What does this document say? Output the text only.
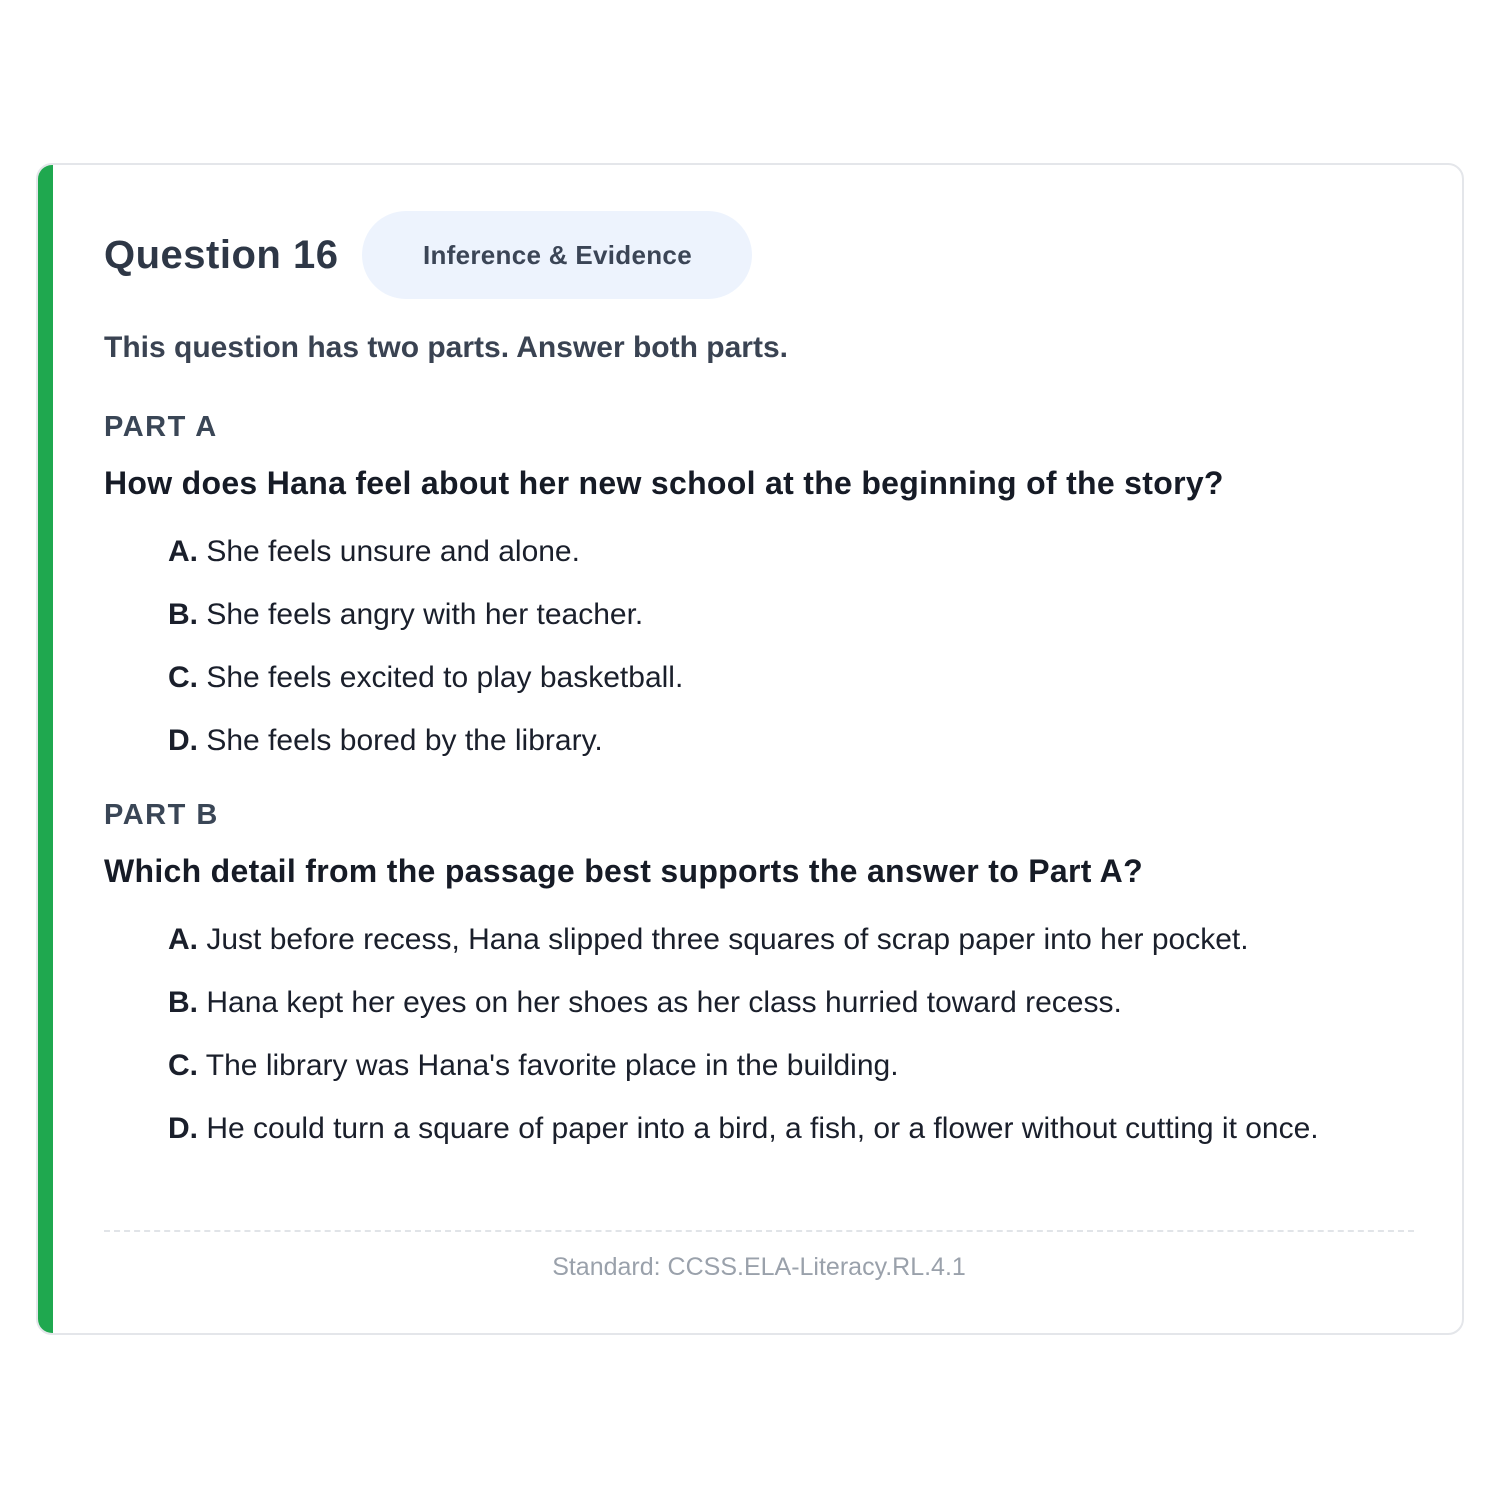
Question 16	Inference & Evidence
This question has two parts. Answer both parts.
PART A
How does Hana feel about her new school at the beginning of the story?
A. She feels unsure and alone.
B. She feels angry with her teacher.
C. She feels excited to play basketball.
D. She feels bored by the library.
PART B
Which detail from the passage best supports the answer to Part A?
A. Just before recess, Hana slipped three squares of scrap paper into her pocket.
B. Hana kept her eyes on her shoes as her class hurried toward recess.
C. The library was Hana's favorite place in the building.
D. He could turn a square of paper into a bird, a fish, or a flower without cutting it once.
Standard: CCSS.ELA-Literacy.RL.4.1
